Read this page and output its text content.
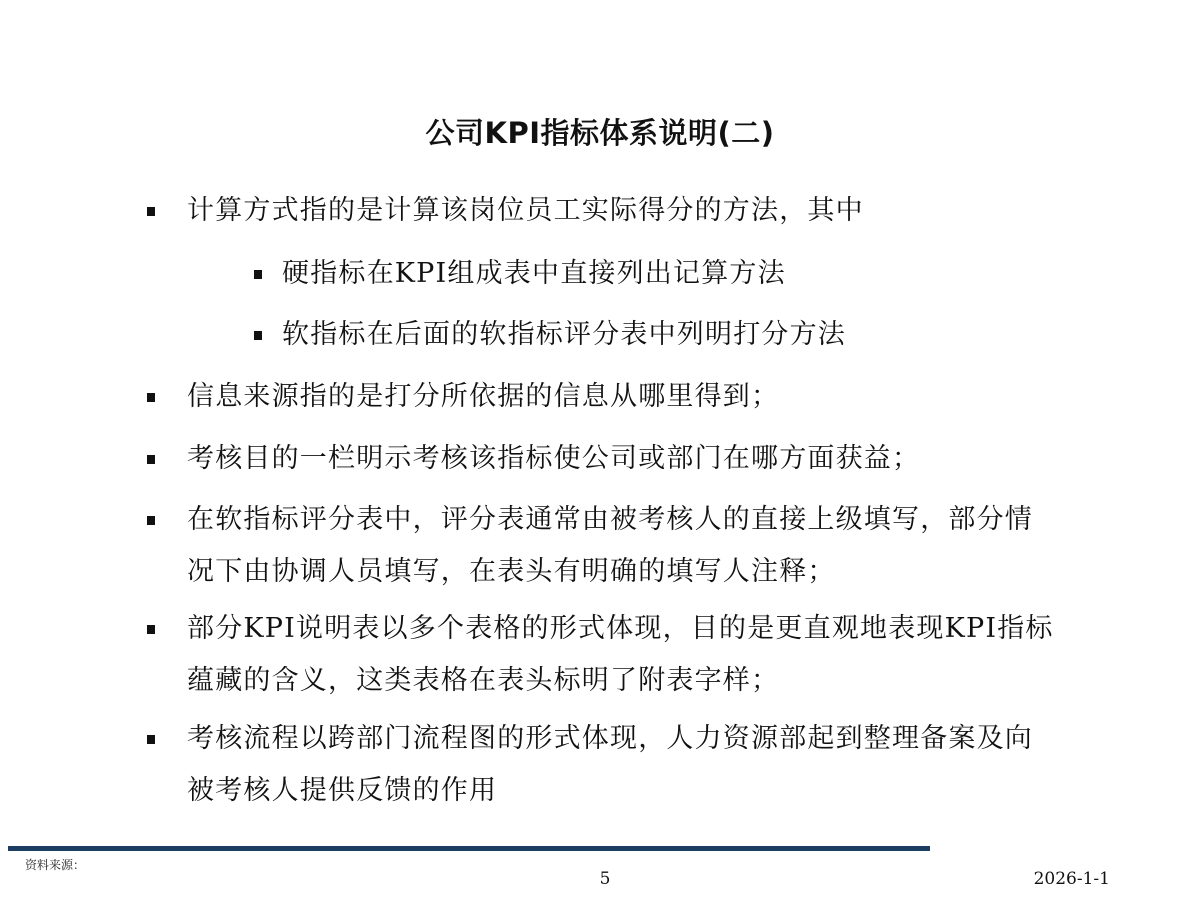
公司KPI指标体系说明(二)
计算方式指的是计算该岗位员工实际得分的方法，其中
硬指标在KPI组成表中直接列出记算方法
软指标在后面的软指标评分表中列明打分方法
信息来源指的是打分所依据的信息从哪里得到；
考核目的一栏明示考核该指标使公司或部门在哪方面获益；
在软指标评分表中，评分表通常由被考核人的直接上级填写，部分情
况下由协调人员填写，在表头有明确的填写人注释；
部分KPI说明表以多个表格的形式体现，目的是更直观地表现KPI指标
蕴藏的含义，这类表格在表头标明了附表字样；
考核流程以跨部门流程图的形式体现，人力资源部起到整理备案及向
被考核人提供反馈的作用
资料来源：
5	2026-1-1
